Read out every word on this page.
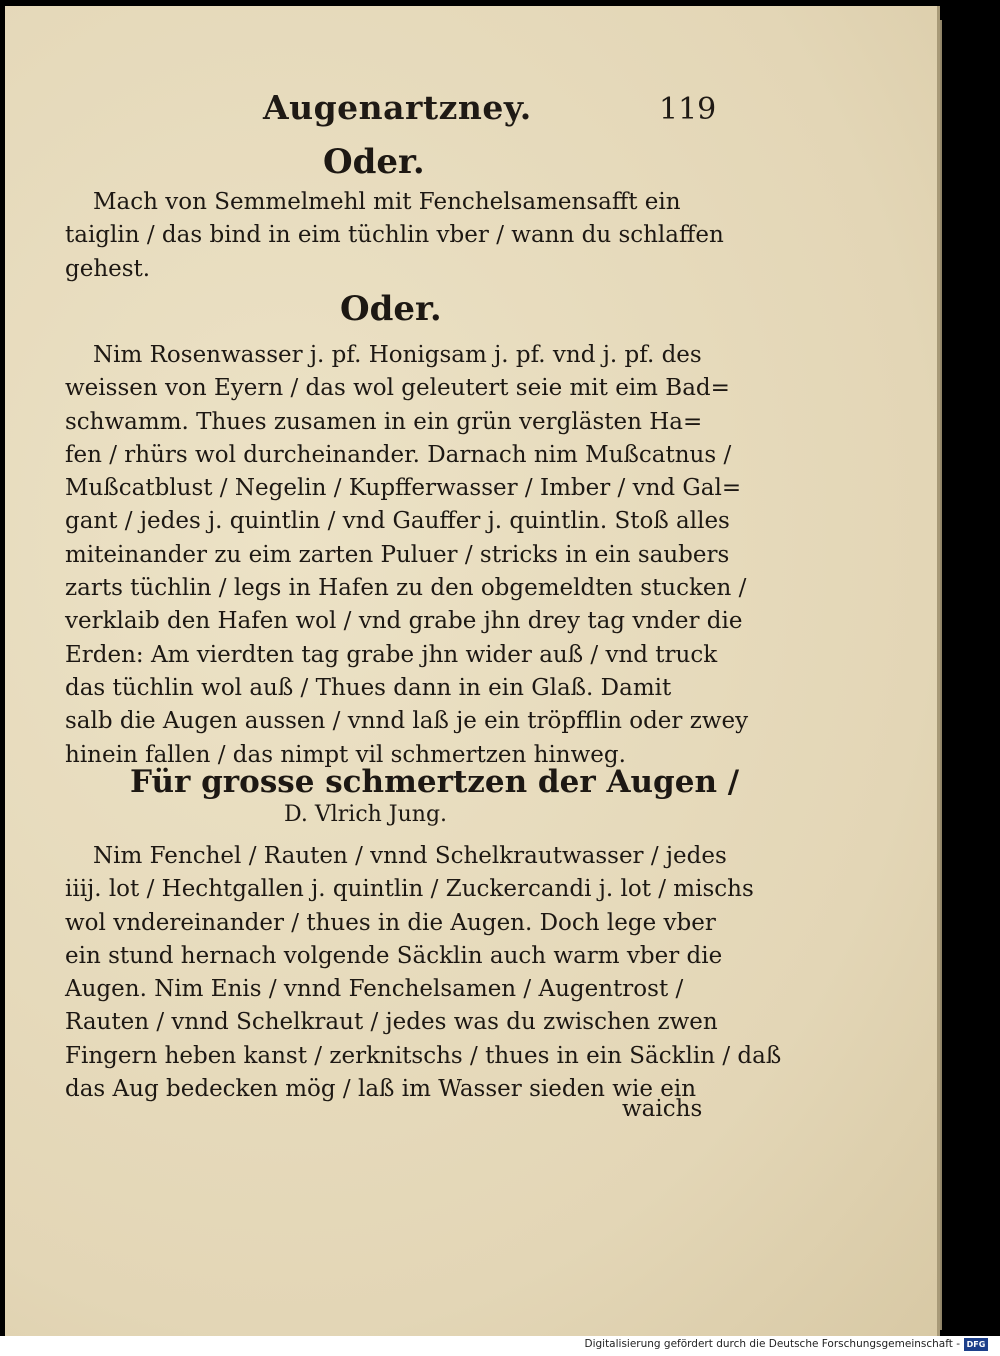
Augenartzney.	119
Oder.
Mach von Semmelmehl mit Fenchelsamensafft ein
taiglin / das bind in eim tüchlin vber / wann du schlaffen
gehest.
Oder.
Nim Rosenwasser j. pf. Honigsam j. pf. vnd j. pf. des
weissen von Eyern / das wol geleutert seie mit eim Bad=
schwamm. Thues zusamen in ein grün verglästen Ha=
fen / rhürs wol durcheinander. Darnach nim Mußcatnus /
Mußcatblust / Negelin / Kupfferwasser / Imber / vnd Gal=
gant / jedes j. quintlin / vnd Gauffer j. quintlin. Stoß alles
miteinander zu eim zarten Puluer / stricks in ein saubers
zarts tüchlin / legs in Hafen zu den obgemeldten stucken /
verklaib den Hafen wol / vnd grabe jhn drey tag vnder die
Erden: Am vierdten tag grabe jhn wider auß / vnd truck
das tüchlin wol auß / Thues dann in ein Glaß. Damit
salb die Augen aussen / vnnd laß je ein tröpfflin oder zwey
hinein fallen / das nimpt vil schmertzen hinweg.
Für grosse schmertzen der Augen /
D. Vlrich Jung.
Nim Fenchel / Rauten / vnnd Schelkrautwasser / jedes
iiij. lot / Hechtgallen j. quintlin / Zuckercandi j. lot / mischs
wol vndereinander / thues in die Augen. Doch lege vber
ein stund hernach volgende Säcklin auch warm vber die
Augen. Nim Enis / vnnd Fenchelsamen / Augentrost /
Rauten / vnnd Schelkraut / jedes was du zwischen zwen
Fingern heben kanst / zerknitschs / thues in ein Säcklin / daß
das Aug bedecken mög / laß im Wasser sieden wie ein
waichs
Digitalisierung gefördert durch die Deutsche Forschungsgemeinschaft - DFG
